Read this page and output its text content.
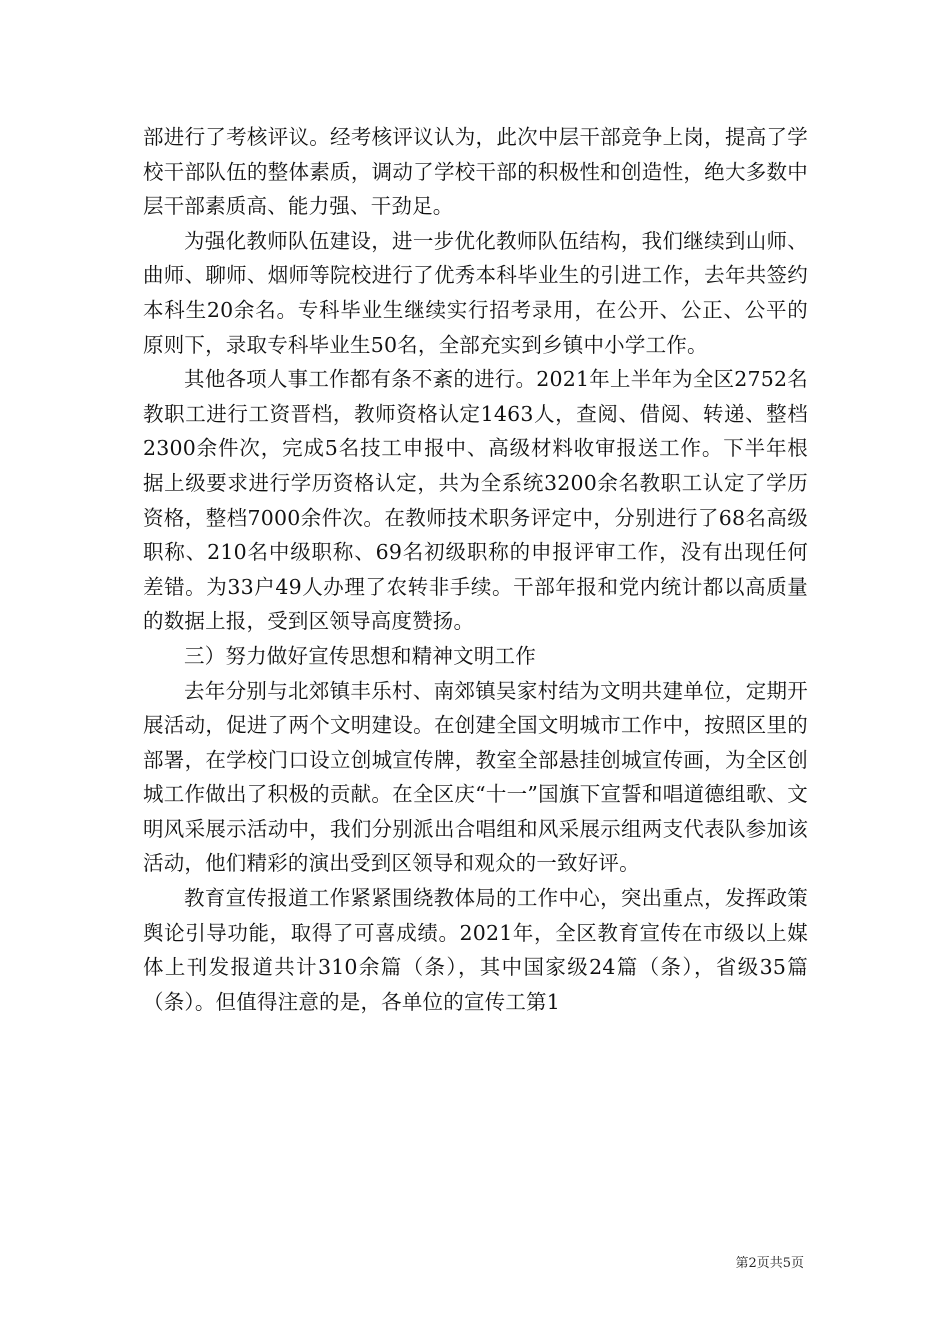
部进行了考核评议。经考核评议认为，此次中层干部竞争上岗，提高了学校干部队伍的整体素质，调动了学校干部的积极性和创造性，绝大多数中层干部素质高、能力强、干劲足。

为强化教师队伍建设，进一步优化教师队伍结构，我们继续到山师、曲师、聊师、烟师等院校进行了优秀本科毕业生的引进工作，去年共签约本科生20余名。专科毕业生继续实行招考录用，在公开、公正、公平的原则下，录取专科毕业生50名，全部充实到乡镇中小学工作。

其他各项人事工作都有条不紊的进行。2021年上半年为全区2752名教职工进行工资晋档，教师资格认定1463人，查阅、借阅、转递、整档2300余件次，完成5名技工申报中、高级材料收审报送工作。下半年根据上级要求进行学历资格认定，共为全系统3200余名教职工认定了学历资格，整档7000余件次。在教师技术职务评定中，分别进行了68名高级职称、210名中级职称、69名初级职称的申报评审工作，没有出现任何差错。为33户49人办理了农转非手续。干部年报和党内统计都以高质量的数据上报，受到区领导高度赞扬。

三）努力做好宣传思想和精神文明工作

去年分别与北郊镇丰乐村、南郊镇吴家村结为文明共建单位，定期开展活动，促进了两个文明建设。在创建全国文明城市工作中，按照区里的部署，在学校门口设立创城宣传牌，教室全部悬挂创城宣传画，为全区创城工作做出了积极的贡献。在全区庆“十一”国旗下宣誓和唱道德组歌、文明风采展示活动中，我们分别派出合唱组和风采展示组两支代表队参加该活动，他们精彩的演出受到区领导和观众的一致好评。

教育宣传报道工作紧紧围绕教体局的工作中心，突出重点，发挥政策舆论引导功能，取得了可喜成绩。2021年，全区教育宣传在市级以上媒体上刊发报道共计310余篇（条），其中国家级24篇（条），省级35篇（条）。但值得注意的是，各单位的宣传工第1

第2页共5页
